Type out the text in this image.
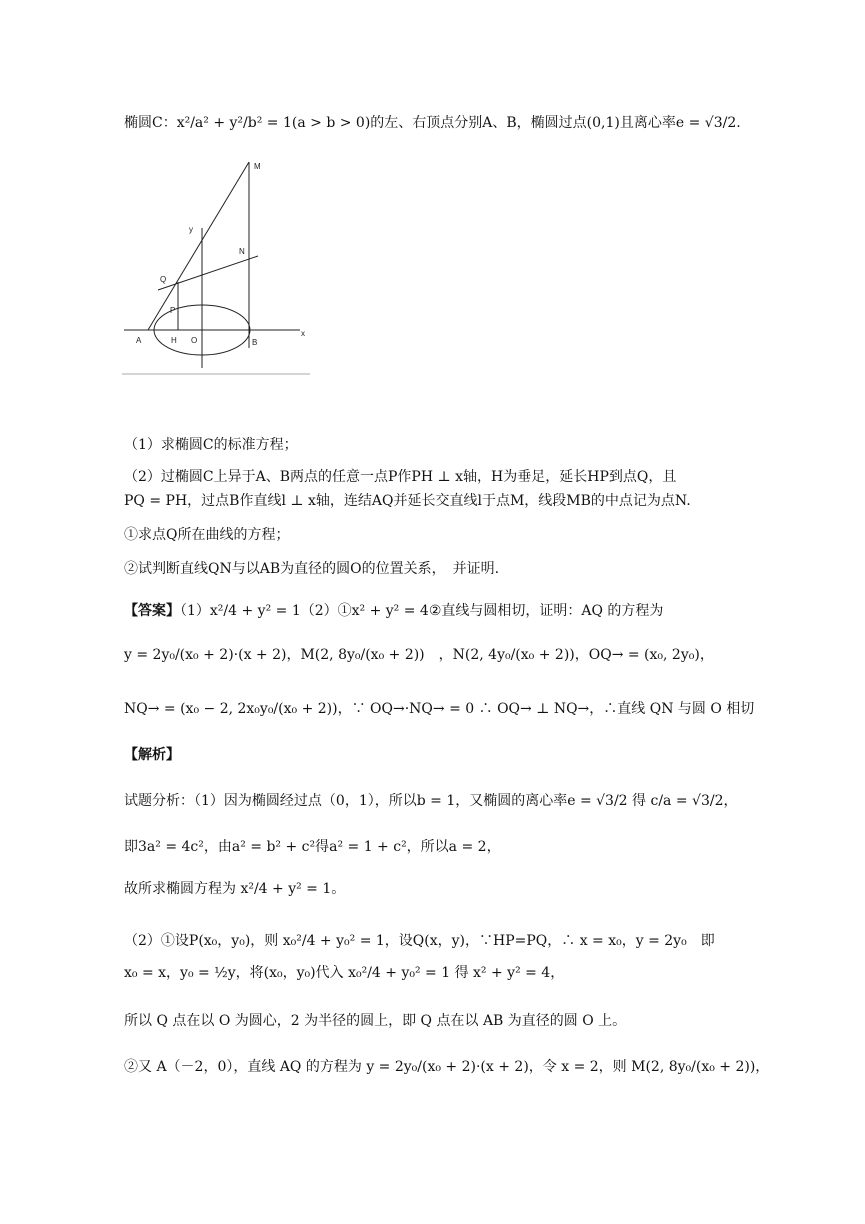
椭圆C：x²/a² + y²/b² = 1(a > b > 0)的左、右顶点分别A、B，椭圆过点(0,1)且离心率e = √3/2.
M
y
N
Q
P
A	H O	B
x
（1）求椭圆C的标准方程；
（2）过椭圆C上异于A、B两点的任意一点P作PH ⊥ x轴，H为垂足，延长HP到点Q，且
PQ = PH，过点B作直线l ⊥ x轴，连结AQ并延长交直线l于点M，线段MB的中点记为点N.
①求点Q所在曲线的方程；
②试判断直线QN与以AB为直径的圆O的位置关系，　并证明.
【答案】（1）x²/4 + y² = 1（2）①x² + y² = 4②直线与圆相切，证明：AQ 的方程为
y = 2y₀/(x₀ + 2)·(x + 2)，M(2, 8y₀/(x₀ + 2))　，N(2, 4y₀/(x₀ + 2))，OQ→ = (x₀, 2y₀)，
NQ→ = (x₀ − 2, 2x₀y₀/(x₀ + 2))，∵ OQ→·NQ→ = 0 ∴ OQ→ ⊥ NQ→，∴直线 QN 与圆 O 相切
【解析】
试题分析：（1）因为椭圆经过点（0，1），所以b = 1，又椭圆的离心率e = √3/2 得 c/a = √3/2，
即3a² = 4c²，由a² = b² + c²得a² = 1 + c²，所以a = 2，
故所求椭圆方程为 x²/4 + y² = 1。
（2）①设P(x₀，y₀)，则 x₀²/4 + y₀² = 1，设Q(x，y)，∵HP=PQ，∴ x = x₀，y = 2y₀　即
x₀ = x，y₀ = ½y，将(x₀，y₀)代入 x₀²/4 + y₀² = 1 得 x² + y² = 4，
所以 Q 点在以 O 为圆心，2 为半径的圆上，即 Q 点在以 AB 为直径的圆 O 上。
②又 A（－2，0），直线 AQ 的方程为 y = 2y₀/(x₀ + 2)·(x + 2)，令 x = 2，则 M(2, 8y₀/(x₀ + 2))，
